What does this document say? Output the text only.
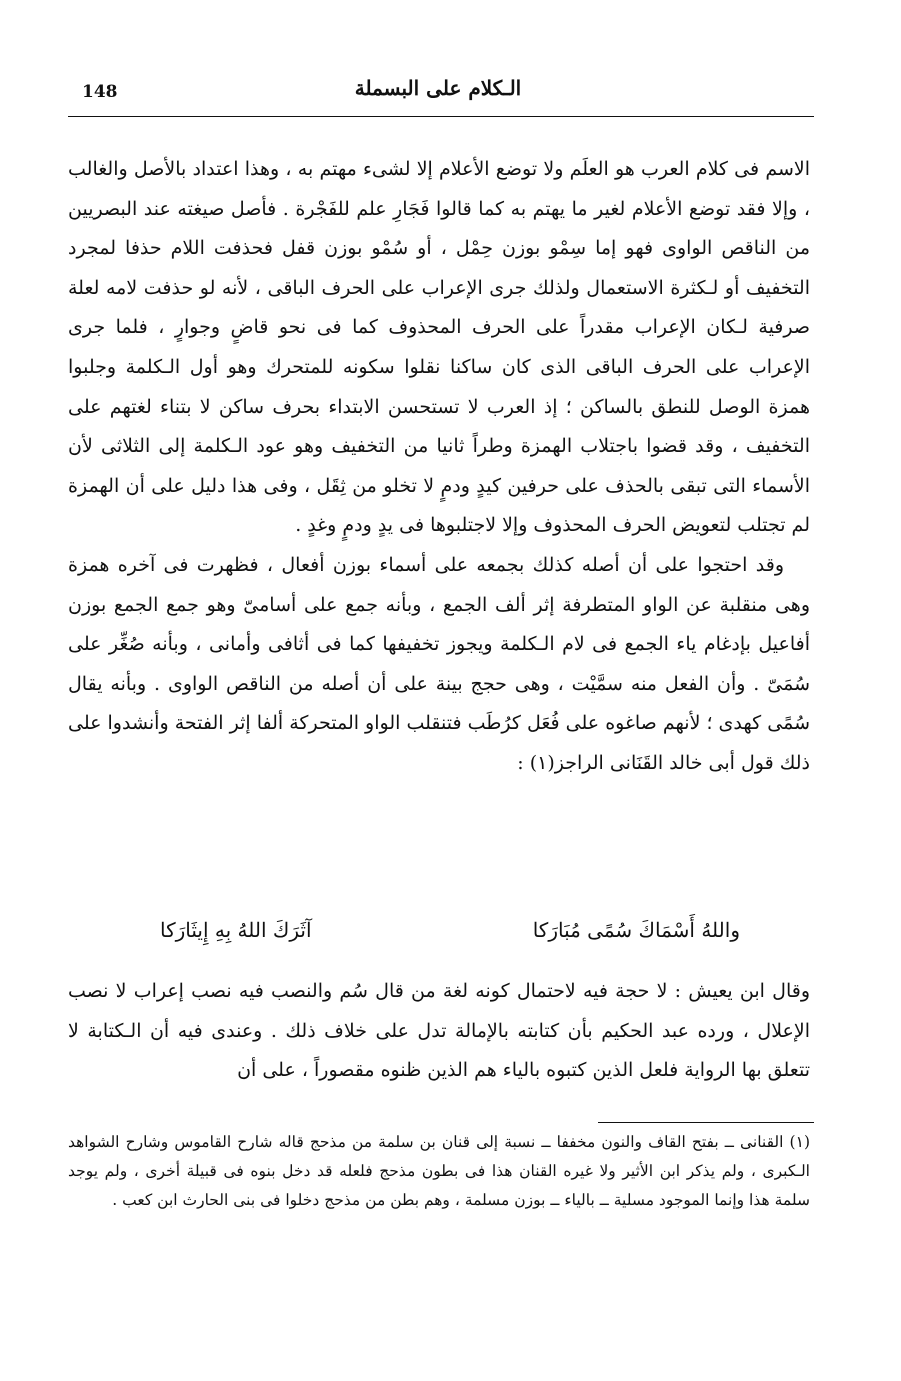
148	الـكلام على البسملة

الاسم فى كلام العرب هو العلَم ولا توضع الأعلام إلا لشىء مهتم به ، وهذا اعتداد بالأصل والغالب ، وإلا فقد توضع الأعلام لغير ما يهتم به كما قالوا فَجَارِ علم للفَجْرة . فأصل صيغته عند البصريين من الناقص الواوى فهو إما سِمْو بوزن حِمْل ، أو سُمْو بوزن قفل فحذفت اللام حذفا لمجرد التخفيف أو لـكثرة الاستعمال ولذلك جرى الإعراب على الحرف الباقى ، لأنه لو حذفت لامه لعلة صرفية لـكان الإعراب مقدراً على الحرف المحذوف كما فى نحو قاضٍ وجوارٍ ، فلما جرى الإعراب على الحرف الباقى الذى كان ساكنا نقلوا سكونه للمتحرك وهو أول الـكلمة وجلبوا همزة الوصل للنطق بالساكن ؛ إذ العرب لا تستحسن الابتداء بحرف ساكن لا بتناء لغتهم على التخفيف ، وقد قضوا باجتلاب الهمزة وطراً ثانيا من التخفيف وهو عود الـكلمة إلى الثلاثى لأن الأسماء التى تبقى بالحذف على حرفين كيدٍ ودمٍ لا تخلو من ثِقَل ، وفى هذا دليل على أن الهمزة لم تجتلب لتعويض الحرف المحذوف وإلا لاجتلبوها فى يدٍ ودمٍ وغدٍ .

وقد احتجوا على أن أصله كذلك بجمعه على أسماء بوزن أفعال ، فظهرت فى آخره همزة وهى منقلبة عن الواو المتطرفة إثر ألف الجمع ، وبأنه جمع على أسامىّ وهو جمع الجمع بوزن أفاعيل بإدغام ياء الجمع فى لام الـكلمة ويجوز تخفيفها كما فى أثافى وأمانى ، وبأنه صُغِّر على سُمَىّ . وأن الفعل منه سمَّيْت ، وهى حجج بينة على أن أصله من الناقص الواوى . وبأنه يقال سُمًى كهدى ؛ لأنهم صاغوه على فُعَل كرُطَب فتنقلب الواو المتحركة ألفا إثر الفتحة وأنشدوا على ذلك قول أبى خالد القَنَانى الراجز(١) :

واللهُ أَسْمَاكَ سُمًى مُبَارَكا
آثَرَكَ اللهُ بِهِ إِيثَارَكا

وقال ابن يعيش : لا حجة فيه لاحتمال كونه لغة من قال سُم والنصب فيه نصب إعراب لا نصب الإعلال ، ورده عبد الحكيم بأن كتابته بالإمالة تدل على خلاف ذلك . وعندى فيه أن الـكتابة لا تتعلق بها الرواية فلعل الذين كتبوه بالياء هم الذين ظنوه مقصوراً ، على أن

(١) القنانى ــ بفتح القاف والنون مخففا ــ نسبة إلى قنان بن سلمة من مذحج قاله شارح القاموس وشارح الشواهد الـكبرى ، ولم يذكر ابن الأثير ولا غيره القنان هذا فى بطون مذحج فلعله قد دخل بنوه فى قبيلة أخرى ، ولم يوجد سلمة هذا وإنما الموجود مسلية ــ بالياء ــ بوزن مسلمة ، وهم بطن من مذحج دخلوا فى بنى الحارث ابن كعب .
